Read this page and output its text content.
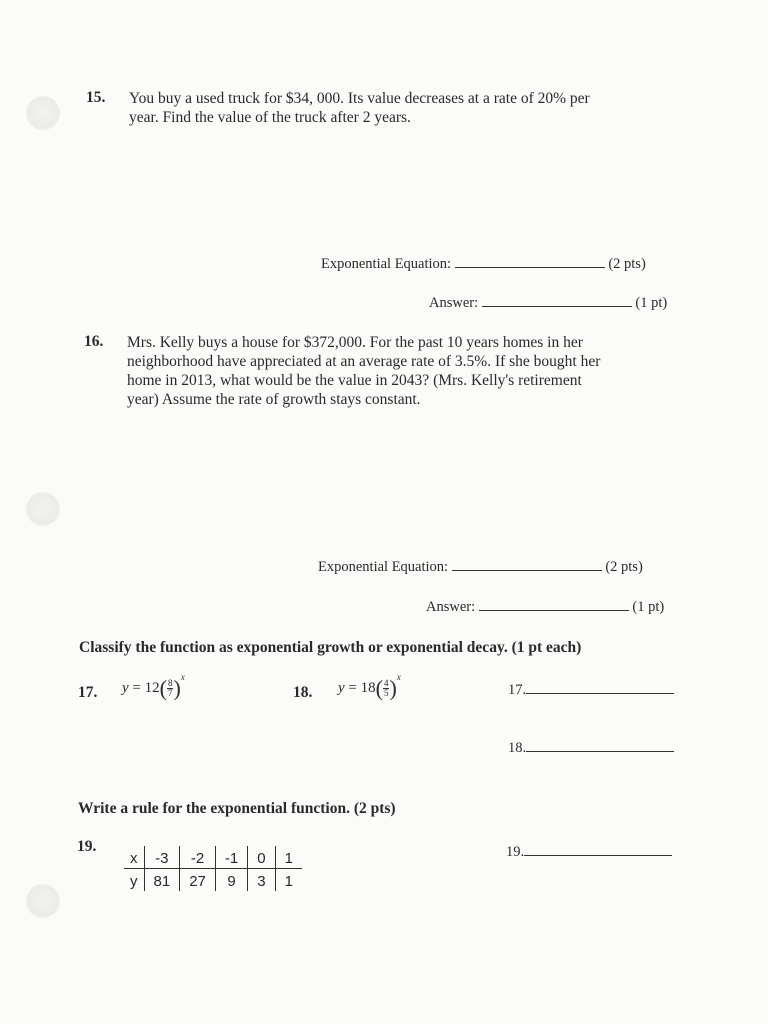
15. You buy a used truck for $34, 000. Its value decreases at a rate of 20% per
year. Find the value of the truck after 2 years.
Exponential Equation:	(2 pts)
Answer:	(1 pt)
16. Mrs. Kelly buys a house for $372,000. For the past 10 years homes in her
neighborhood have appreciated at an average rate of 3.5%. If she bought her
home in 2013, what would be the value in 2043? (Mrs. Kelly's retirement
year) Assume the rate of growth stays constant.
Exponential Equation:	(2 pts)
Answer:	(1 pt)
Classify the function as exponential growth or exponential decay. (1 pt each)
17. $y = 12( \frac{8}{7} )^x$
18. $y = 18( \frac{4}{5} )^x$
17.
18.
Write a rule for the exponential function. (2 pts)
19.
x	-3	-2	-1	0	1
y	81	27	9	3	1
19.
